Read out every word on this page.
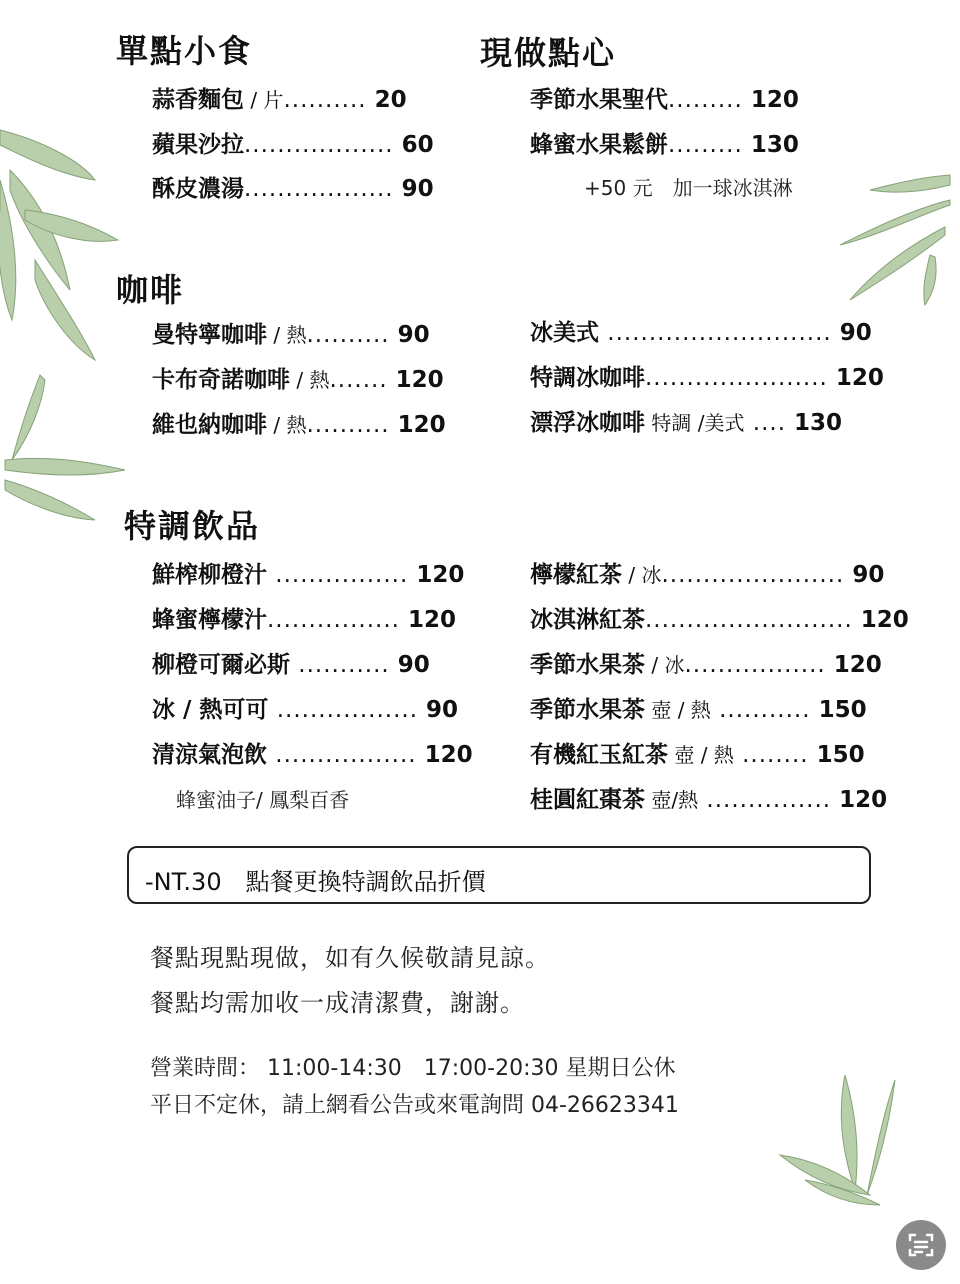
單點小食	現做點心
咖啡
特調飲品
蒜香麵包 / 片.......... 20
蘋果沙拉.................. 60
酥皮濃湯.................. 90
季節水果聖代......... 120
蜂蜜水果鬆餅......... 130
+50 元　加一球冰淇淋
曼特寧咖啡 / 熱.......... 90
卡布奇諾咖啡 / 熱....... 120
維也納咖啡 / 熱.......... 120
冰美式 ........................... 90
特調冰咖啡...................... 120
漂浮冰咖啡 特調 /美式 .... 130
鮮榨柳橙汁 ................ 120
蜂蜜檸檬汁................ 120
柳橙可爾必斯 ........... 90
冰 / 熱可可 ................. 90
清涼氣泡飲 ................. 120
蜂蜜油子/ 鳳梨百香
檸檬紅茶 / 冰...................... 90
冰淇淋紅茶......................... 120
季節水果茶 / 冰................. 120
季節水果茶 壺 / 熱 ........... 150
有機紅玉紅茶 壺 / 熱 ........ 150
桂圓紅棗茶 壺/熱 ............... 120
-NT.30　點餐更換特調飲品折價
餐點現點現做，如有久候敬請見諒。
餐點均需加收一成清潔費，謝謝。
營業時間： 11:00-14:30　17:00-20:30 星期日公休
平日不定休，請上網看公告或來電詢問 04-26623341
